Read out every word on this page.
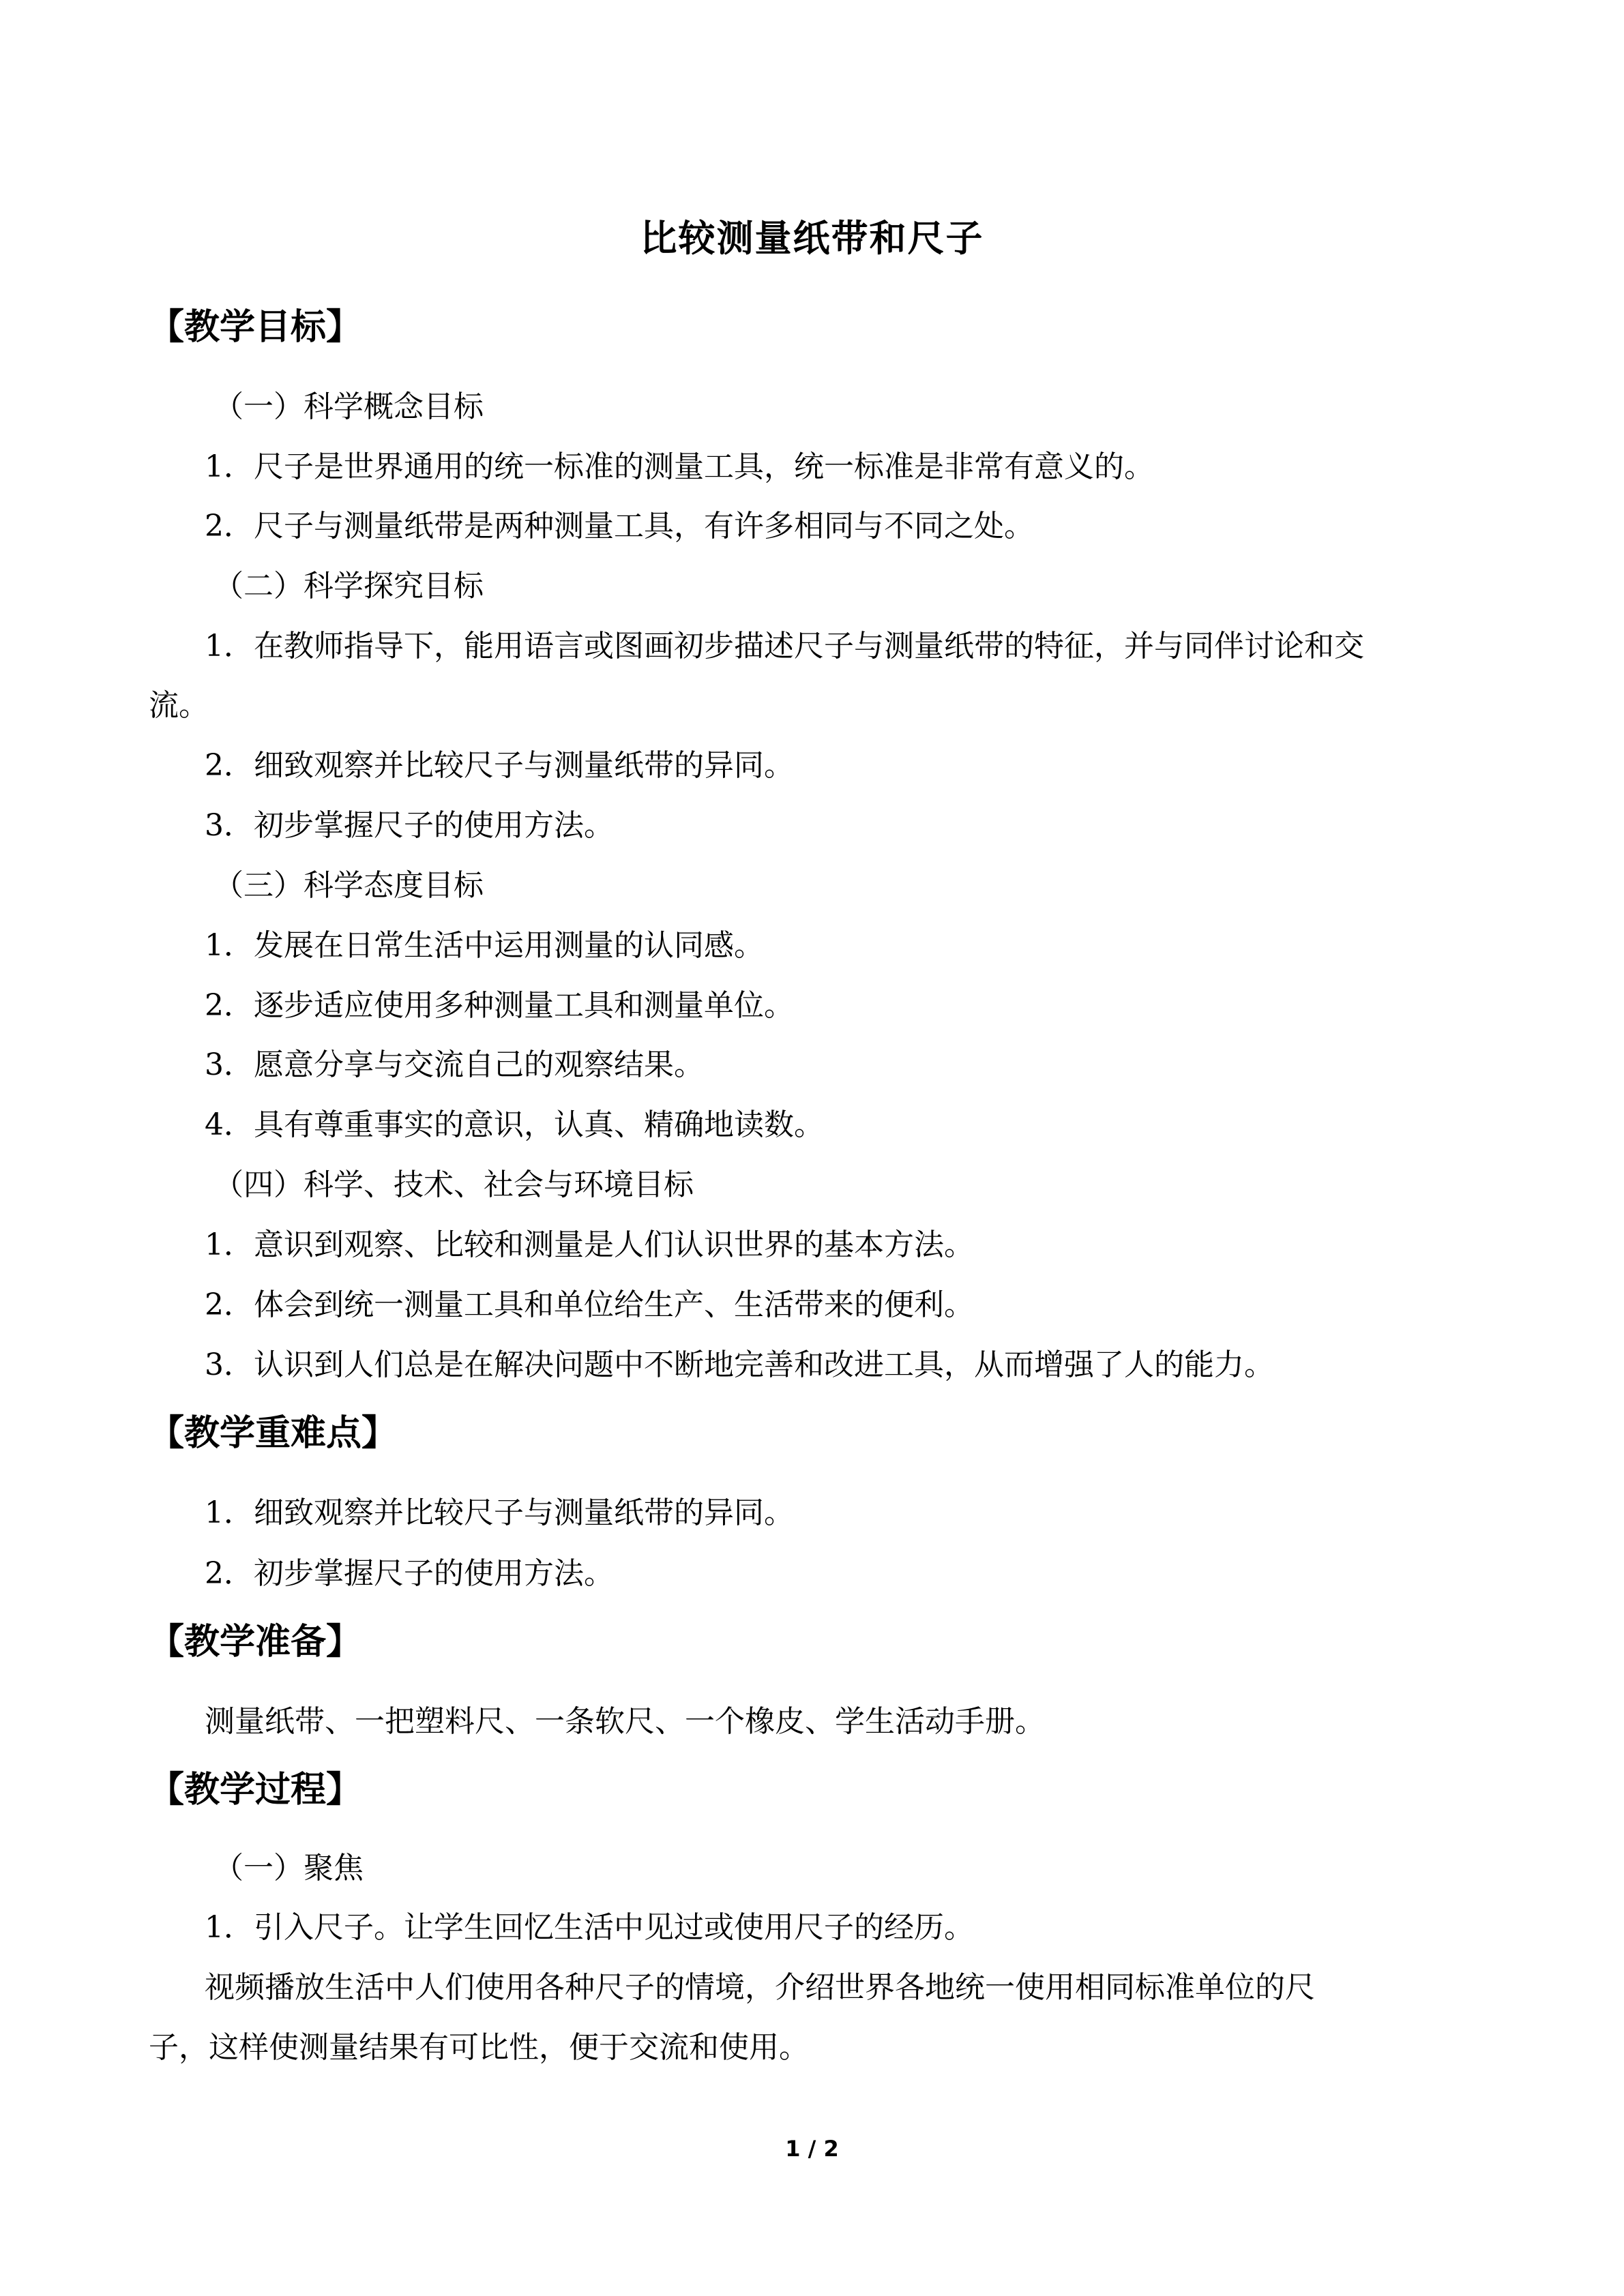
比较测量纸带和尺子
【教学目标】
（一）科学概念目标
1．尺子是世界通用的统一标准的测量工具，统一标准是非常有意义的。
2．尺子与测量纸带是两种测量工具，有许多相同与不同之处。
（二）科学探究目标
1．在教师指导下，能用语言或图画初步描述尺子与测量纸带的特征，并与同伴讨论和交
流。
2．细致观察并比较尺子与测量纸带的异同。
3．初步掌握尺子的使用方法。
（三）科学态度目标
1．发展在日常生活中运用测量的认同感。
2．逐步适应使用多种测量工具和测量单位。
3．愿意分享与交流自己的观察结果。
4．具有尊重事实的意识，认真、精确地读数。
（四）科学、技术、社会与环境目标
1．意识到观察、比较和测量是人们认识世界的基本方法。
2．体会到统一测量工具和单位给生产、生活带来的便利。
3．认识到人们总是在解决问题中不断地完善和改进工具，从而增强了人的能力。
【教学重难点】
1．细致观察并比较尺子与测量纸带的异同。
2．初步掌握尺子的使用方法。
【教学准备】
测量纸带、一把塑料尺、一条软尺、一个橡皮、学生活动手册。
【教学过程】
（一）聚焦
1．引入尺子。让学生回忆生活中见过或使用尺子的经历。
视频播放生活中人们使用各种尺子的情境，介绍世界各地统一使用相同标准单位的尺
子，这样使测量结果有可比性，便于交流和使用。
1 / 2
